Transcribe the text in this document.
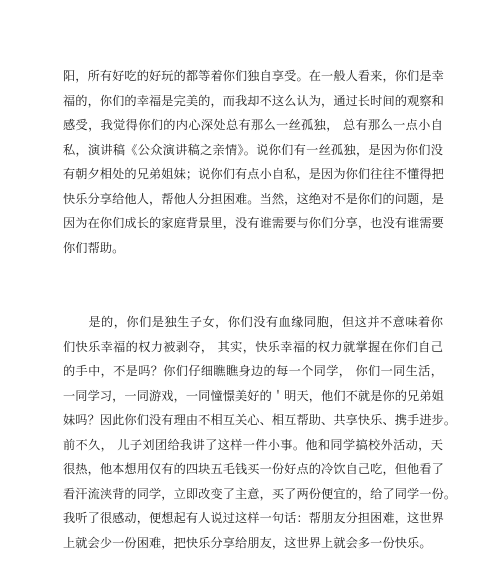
阳，所有好吃的好玩的都等着你们独自享受。在一般人看来，你们是幸
福的，你们的幸福是完美的，而我却不这么认为，通过长时间的观察和
感受，我觉得你们的内心深处总有那么一丝孤独， 总有那么一点小自
私，演讲稿《公众演讲稿之亲情》。说你们有一丝孤独，是因为你们没
有朝夕相处的兄弟姐妹；说你们有点小自私，是因为你们往往不懂得把
快乐分享给他人，帮他人分担困难。当然，这绝对不是你们的问题，是
因为在你们成长的家庭背景里，没有谁需要与你们分享，也没有谁需要
你们帮助。
　　是的，你们是独生子女，你们没有血缘同胞，但这并不意味着你
们快乐幸福的权力被剥夺， 其实，快乐幸福的权力就掌握在你们自己
的手中，不是吗？你们仔细瞧瞧身边的每一个同学， 你们一同生活，
一同学习，一同游戏，一同憧憬美好的＇明天，他们不就是你的兄弟姐
妹吗？因此你们没有理由不相互关心、相互帮助、共享快乐、携手进步。
前不久， 儿子刘团给我讲了这样一件小事。他和同学搞校外活动，天
很热，他本想用仅有的四块五毛钱买一份好点的冷饮自己吃，但他看了
看汗流浃背的同学，立即改变了主意，买了两份便宜的，给了同学一份。
我听了很感动，便想起有人说过这样一句话：帮朋友分担困难，这世界
上就会少一份困难，把快乐分享给朋友，这世界上就会多一份快乐。
